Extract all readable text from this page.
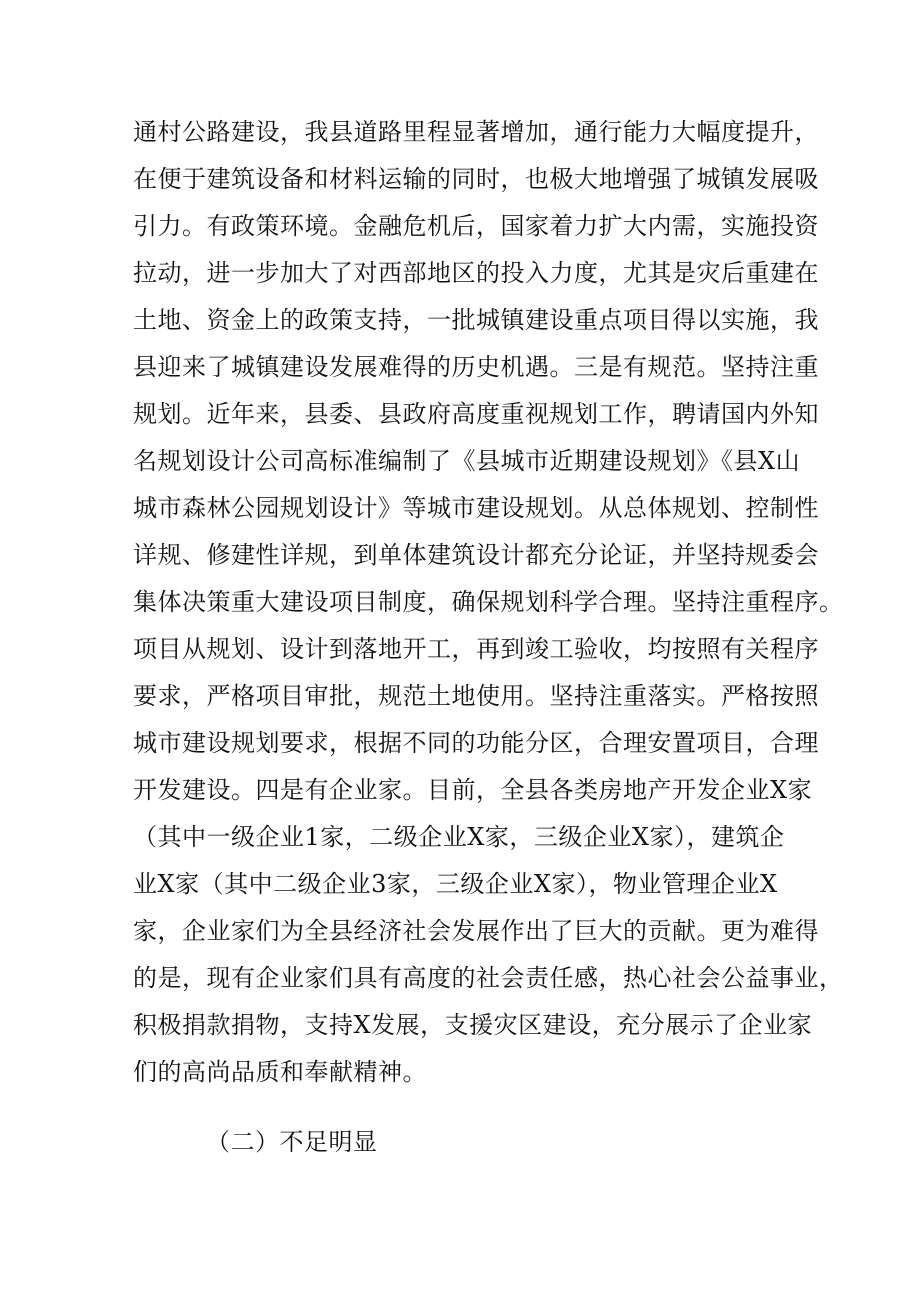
通村公路建设，我县道路里程显著增加，通行能力大幅度提升，
在便于建筑设备和材料运输的同时，也极大地增强了城镇发展吸
引力。有政策环境。金融危机后，国家着力扩大内需，实施投资
拉动，进一步加大了对西部地区的投入力度，尤其是灾后重建在
土地、资金上的政策支持，一批城镇建设重点项目得以实施，我
县迎来了城镇建设发展难得的历史机遇。三是有规范。坚持注重
规划。近年来，县委、县政府高度重视规划工作，聘请国内外知
名规划设计公司高标准编制了《县城市近期建设规划》《县X山
城市森林公园规划设计》等城市建设规划。从总体规划、控制性
详规、修建性详规，到单体建筑设计都充分论证，并坚持规委会
集体决策重大建设项目制度，确保规划科学合理。坚持注重程序。
项目从规划、设计到落地开工，再到竣工验收，均按照有关程序
要求，严格项目审批，规范土地使用。坚持注重落实。严格按照
城市建设规划要求，根据不同的功能分区，合理安置项目，合理
开发建设。四是有企业家。目前，全县各类房地产开发企业X家
（其中一级企业1家，二级企业X家，三级企业X家），建筑企
业X家（其中二级企业3家，三级企业X家），物业管理企业X
家，企业家们为全县经济社会发展作出了巨大的贡献。更为难得
的是，现有企业家们具有高度的社会责任感，热心社会公益事业，
积极捐款捐物，支持X发展，支援灾区建设，充分展示了企业家
们的高尚品质和奉献精神。
（二）不足明显
